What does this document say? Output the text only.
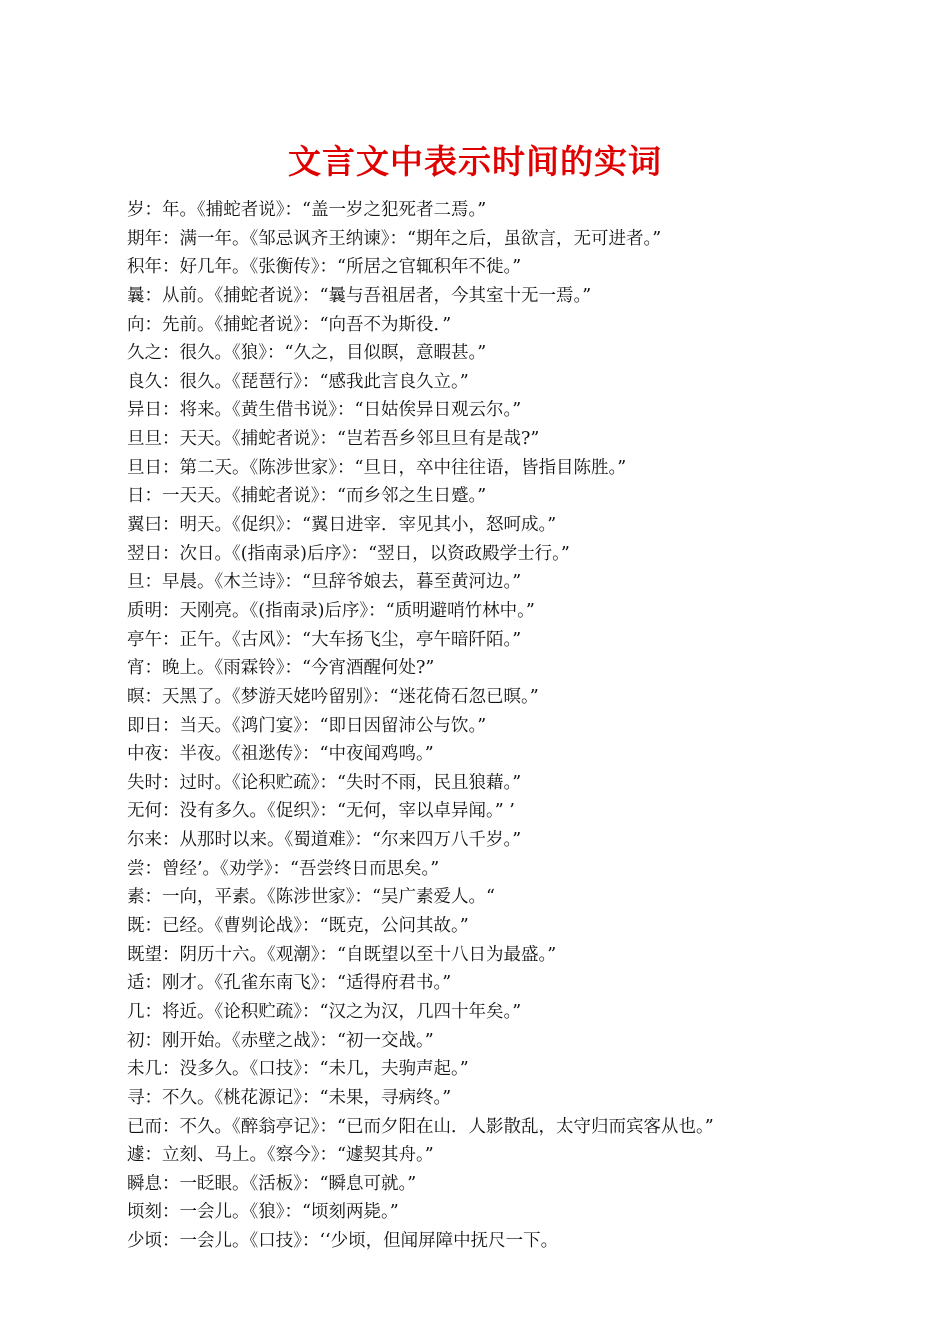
文言文中表示时间的实词
岁：年。《捕蛇者说》：“盖一岁之犯死者二焉。”
期年：满一年。《邹忌讽齐王纳谏》：“期年之后，虽欲言，无可进者。”
积年：好几年。《张衡传》：“所居之官辄积年不徙。”
曩：从前。《捕蛇者说》：“曩与吾祖居者，今其室十无一焉。”
向：先前。《捕蛇者说》：“向吾不为斯役．”
久之：很久。《狼》：“久之，目似瞑，意暇甚。”
良久：很久。《琵琶行》：“感我此言良久立。”
异日：将来。《黄生借书说》：“日姑俟异日观云尔。”
旦旦：天天。《捕蛇者说》：“岂若吾乡邻旦旦有是哉?”
旦日：第二天。《陈涉世家》：“旦日，卒中往往语，皆指目陈胜。”
日：一天天。《捕蛇者说》：“而乡邻之生日蹙。”
翼曰：明天。《促织》：“翼日进宰．宰见其小，怒呵成。”
翌日：次日。《(指南录)后序》：“翌日，以资政殿学士行。”
旦：早晨。《木兰诗》：“旦辞爷娘去，暮至黄河边。”
质明：天刚亮。《(指南录)后序》：“质明避哨竹林中。”
亭午：正午。《古风》：“大车扬飞尘，亭午暗阡陌。”
宵：晚上。《雨霖铃》：“今宵酒醒何处?”
暝：天黑了。《梦游天姥吟留别》：“迷花倚石忽已暝。”
即日：当天。《鸿门宴》：“即日因留沛公与饮。”
中夜：半夜。《祖逖传》：“中夜闻鸡鸣。”
失时：过时。《论积贮疏》：“失时不雨，民且狼藉。”
无何：没有多久。《促织》：“无何，宰以卓异闻。” ’
尔来：从那时以来。《蜀道难》：“尔来四万八千岁。”
尝：曾经’。《劝学》：“吾尝终日而思矣。”
素：一向，平素。《陈涉世家》：“吴广素爱人。“
既：已经。《曹刿论战》：“既克，公问其故。”
既望：阴历十六。《观潮》：“自既望以至十八日为最盛。”
适：刚才。《孔雀东南飞》：“适得府君书。”
几：将近。《论积贮疏》：“汉之为汉，几四十年矣。”
初：刚开始。《赤壁之战》：“初一交战。”
未几：没多久。《口技》：“未几，夫驹声起。”
寻：不久。《桃花源记》：“未果，寻病终。”
已而：不久。《醉翁亭记》：“已而夕阳在山．人影散乱，太守归而宾客从也。”
遽：立刻、马上。《察今》：“遽契其舟。”
瞬息：一眨眼。《活板》：“瞬息可就。”
顷刻：一会儿。《狼》：“顷刻两毙。”
少顷：一会儿。《口技》：‘‘少顷，但闻屏障中抚尺一下。
